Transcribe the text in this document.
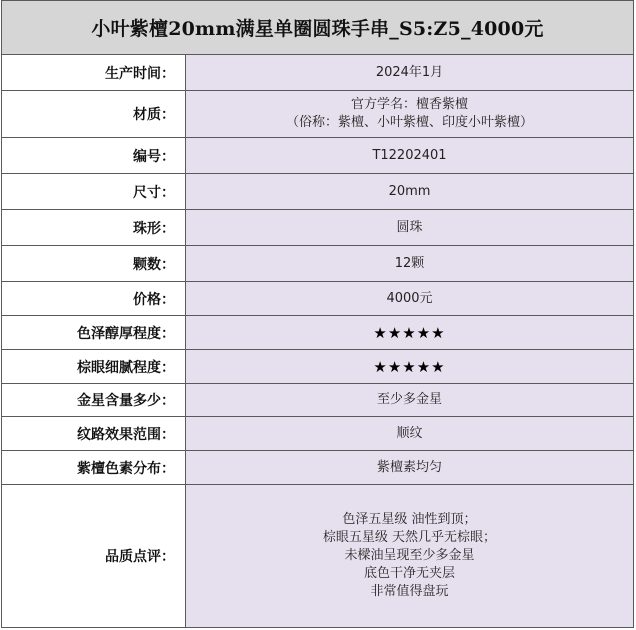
小叶紫檀20mm满星单圈圆珠手串_S5:Z5_4000元
生产时间：	2024年1月
材质：
官方学名：檀香紫檀
（俗称：紫檀、小叶紫檀、印度小叶紫檀）
编号：	T12202401
尺寸：	20mm
珠形：	圆珠
颗数：	12颗
价格：	4000元
色泽醇厚程度：	★★★★★
棕眼细腻程度：	★★★★★
金星含量多少：	至少多金星
纹路效果范围：	顺纹
紫檀色素分布：	紫檀素均匀
品质点评：
色泽五星级 油性到顶；
棕眼五星级 天然几乎无棕眼；
未樑油呈现至少多金星
底色干净无夹层
非常值得盘玩
